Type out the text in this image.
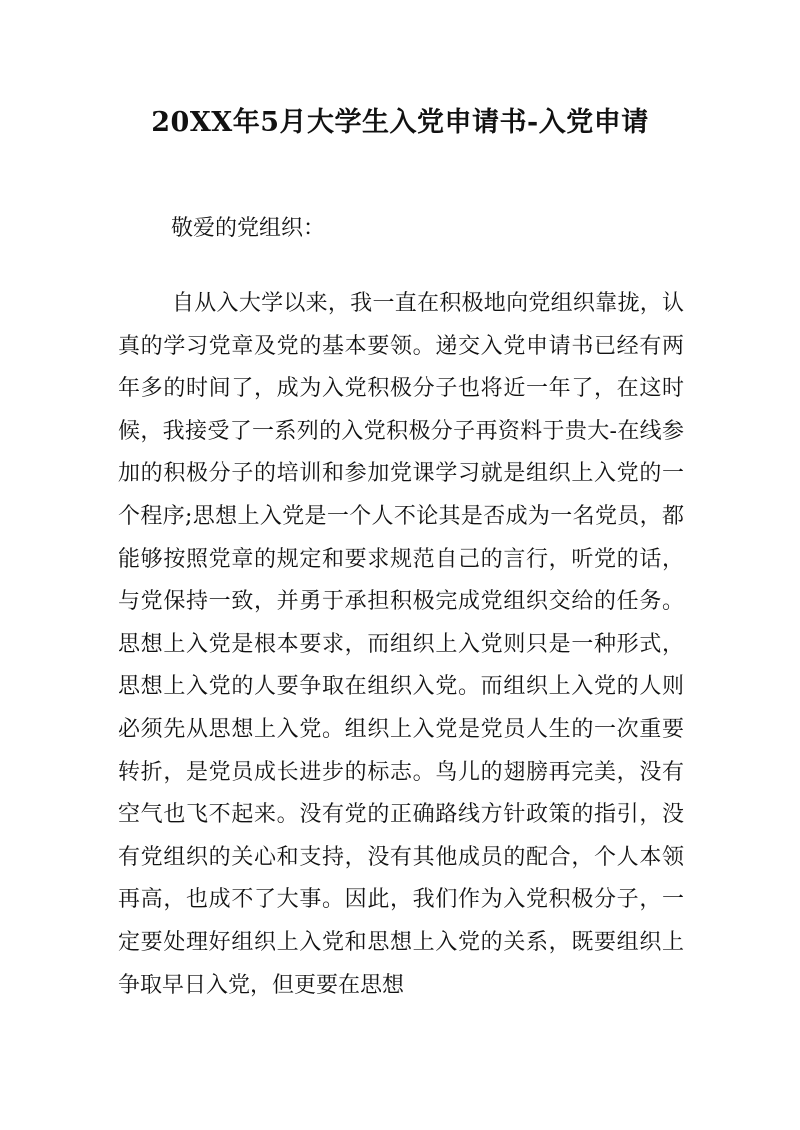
20XX年5月大学生入党申请书-入党申请
敬爱的党组织：
自从入大学以来，我一直在积极地向党组织靠拢，认真的学习党章及党的基本要领。递交入党申请书已经有两年多的时间了，成为入党积极分子也将近一年了，在这时候，我接受了一系列的入党积极分子再资料于贵大-在线参加的积极分子的培训和参加党课学习就是组织上入党的一个程序;思想上入党是一个人不论其是否成为一名党员，都能够按照党章的规定和要求规范自己的言行，听党的话，与党保持一致，并勇于承担积极完成党组织交给的任务。思想上入党是根本要求，而组织上入党则只是一种形式，思想上入党的人要争取在组织入党。而组织上入党的人则必须先从思想上入党。组织上入党是党员人生的一次重要转折，是党员成长进步的标志。鸟儿的翅膀再完美，没有空气也飞不起来。没有党的正确路线方针政策的指引，没有党组织的关心和支持，没有其他成员的配合，个人本领再高，也成不了大事。因此，我们作为入党积极分子，一定要处理好组织上入党和思想上入党的关系，既要组织上争取早日入党，但更要在思想
